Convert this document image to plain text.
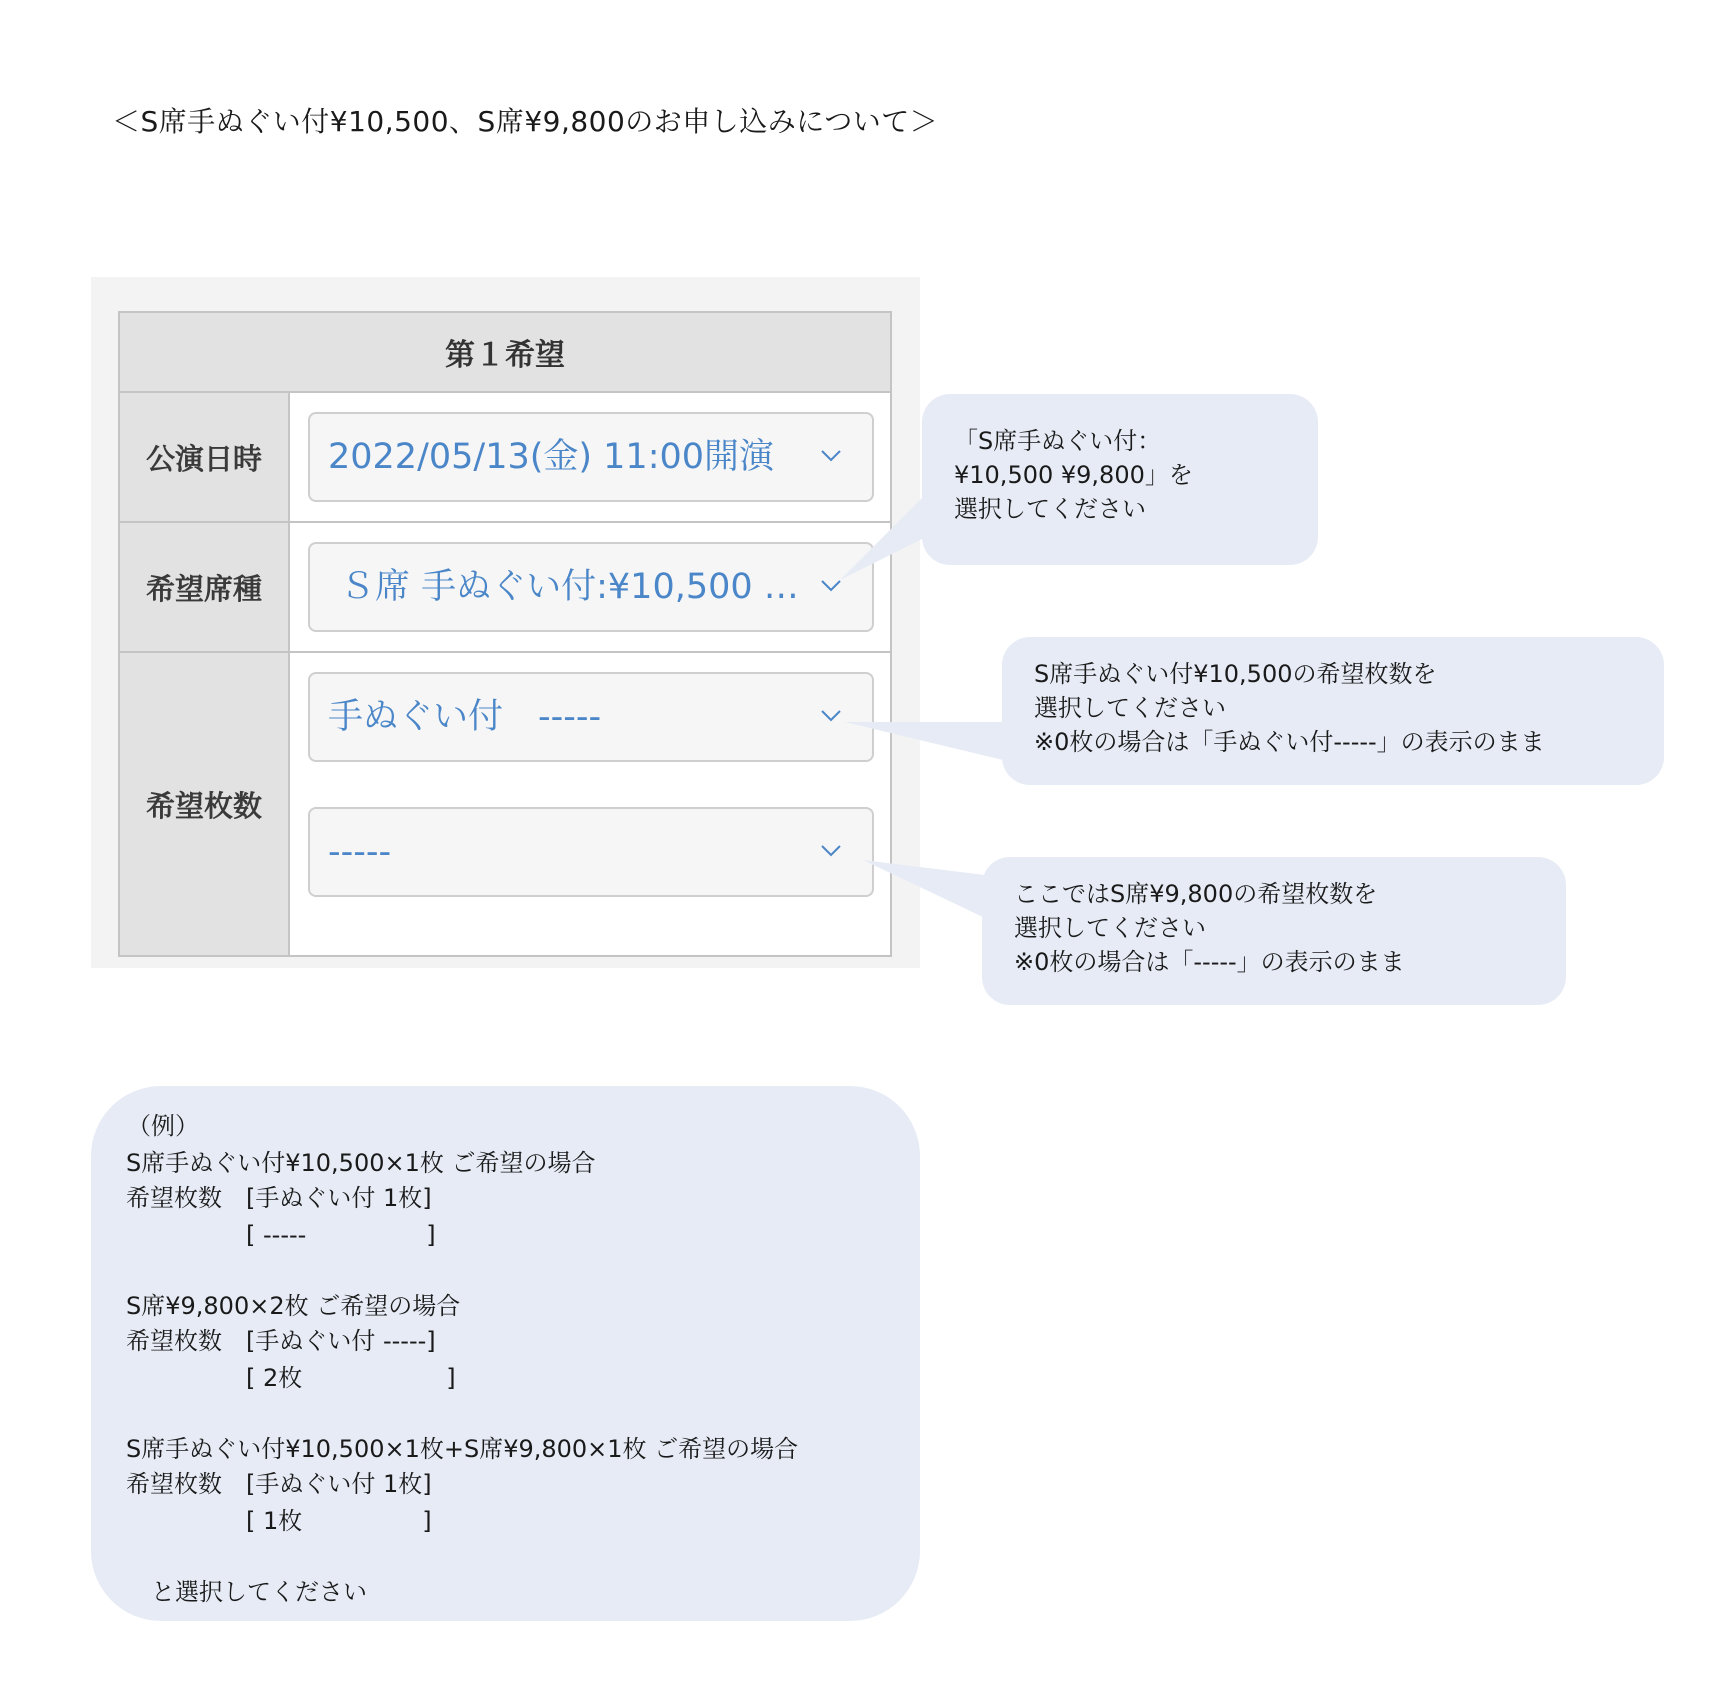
＜S席手ぬぐい付¥10,500、S席¥9,800のお申し込みについて＞
第１希望
公演日時
希望席種
希望枚数
2022/05/13(金) 11:00開演
Ｓ席 手ぬぐい付:¥10,500 …
手ぬぐい付　-----
-----
「S席手ぬぐい付：
¥10,500 ¥9,800」を
選択してください
S席手ぬぐい付¥10,500の希望枚数を
選択してください
※0枚の場合は「手ぬぐい付-----」の表示のまま
ここではS席¥9,800の希望枚数を
選択してください
※0枚の場合は「-----」の表示のまま
（例）
S席手ぬぐい付¥10,500×1枚 ご希望の場合
希望枚数 [手ぬぐい付 1枚]
[ -----　　　　　]
S席¥9,800×2枚 ご希望の場合
希望枚数 [手ぬぐい付 -----]
[ 2枚　　　　　　]
S席手ぬぐい付¥10,500×1枚+S席¥9,800×1枚 ご希望の場合
希望枚数 [手ぬぐい付 1枚]
[ 1枚　　　　　]
と選択してください
